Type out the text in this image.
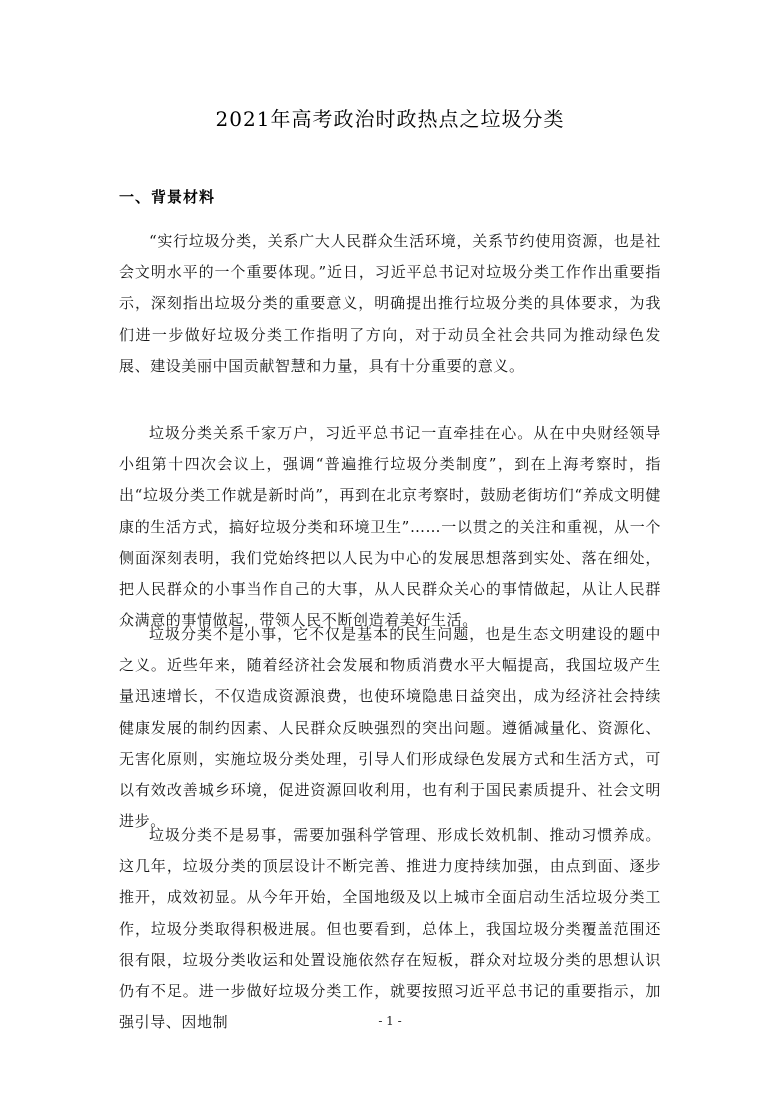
2021年高考政治时政热点之垃圾分类
一、背景材料

“实行垃圾分类，关系广大人民群众生活环境，关系节约使用资源，也是社会文明水平的一个重要体现。”近日，习近平总书记对垃圾分类工作作出重要指示，深刻指出垃圾分类的重要意义，明确提出推行垃圾分类的具体要求，为我们进一步做好垃圾分类工作指明了方向，对于动员全社会共同为推动绿色发展、建设美丽中国贡献智慧和力量，具有十分重要的意义。

垃圾分类关系千家万户，习近平总书记一直牵挂在心。从在中央财经领导小组第十四次会议上，强调“普遍推行垃圾分类制度”，到在上海考察时，指出“垃圾分类工作就是新时尚”，再到在北京考察时，鼓励老街坊们“养成文明健康的生活方式，搞好垃圾分类和环境卫生”……一以贯之的关注和重视，从一个侧面深刻表明，我们党始终把以人民为中心的发展思想落到实处、落在细处，把人民群众的小事当作自己的大事，从人民群众关心的事情做起，从让人民群众满意的事情做起，带领人民不断创造着美好生活。

垃圾分类不是小事，它不仅是基本的民生问题，也是生态文明建设的题中之义。近些年来，随着经济社会发展和物质消费水平大幅提高，我国垃圾产生量迅速增长，不仅造成资源浪费，也使环境隐患日益突出，成为经济社会持续健康发展的制约因素、人民群众反映强烈的突出问题。遵循减量化、资源化、无害化原则，实施垃圾分类处理，引导人们形成绿色发展方式和生活方式，可以有效改善城乡环境，促进资源回收利用，也有利于国民素质提升、社会文明进步。

垃圾分类不是易事，需要加强科学管理、形成长效机制、推动习惯养成。这几年，垃圾分类的顶层设计不断完善、推进力度持续加强，由点到面、逐步推开，成效初显。从今年开始，全国地级及以上城市全面启动生活垃圾分类工作，垃圾分类取得积极进展。但也要看到，总体上，我国垃圾分类覆盖范围还很有限，垃圾分类收运和处置设施依然存在短板，群众对垃圾分类的思想认识仍有不足。进一步做好垃圾分类工作，就要按照习近平总书记的重要指示，加强引导、因地制	- 1 -
